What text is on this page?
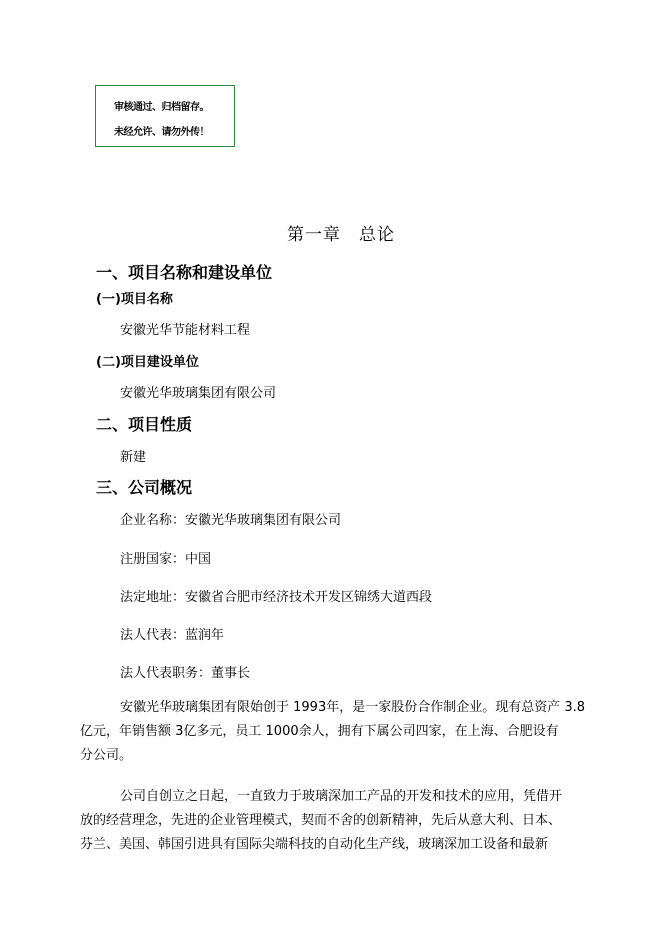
审核通过、归档留存。
未经允许、请勿外传！
第一章 总论
一、项目名称和建设单位
(一)项目名称
安徽光华节能材料工程
(二)项目建设单位
安徽光华玻璃集团有限公司
二、项目性质
新建
三、公司概况
企业名称：安徽光华玻璃集团有限公司
注册国家：中国
法定地址：安徽省合肥市经济技术开发区锦绣大道西段
法人代表：蓝润年
法人代表职务：董事长
安徽光华玻璃集团有限始创于 1993年，是一家股份合作制企业。现有总资产 3.8
亿元，年销售额 3亿多元，员工 1000余人，拥有下属公司四家，在上海、合肥设有
分公司。
公司自创立之日起，一直致力于玻璃深加工产品的开发和技术的应用，凭借开
放的经营理念，先进的企业管理模式，契而不舍的创新精神，先后从意大利、日本、
芬兰、美国、韩国引进具有国际尖端科技的自动化生产线，玻璃深加工设备和最新
